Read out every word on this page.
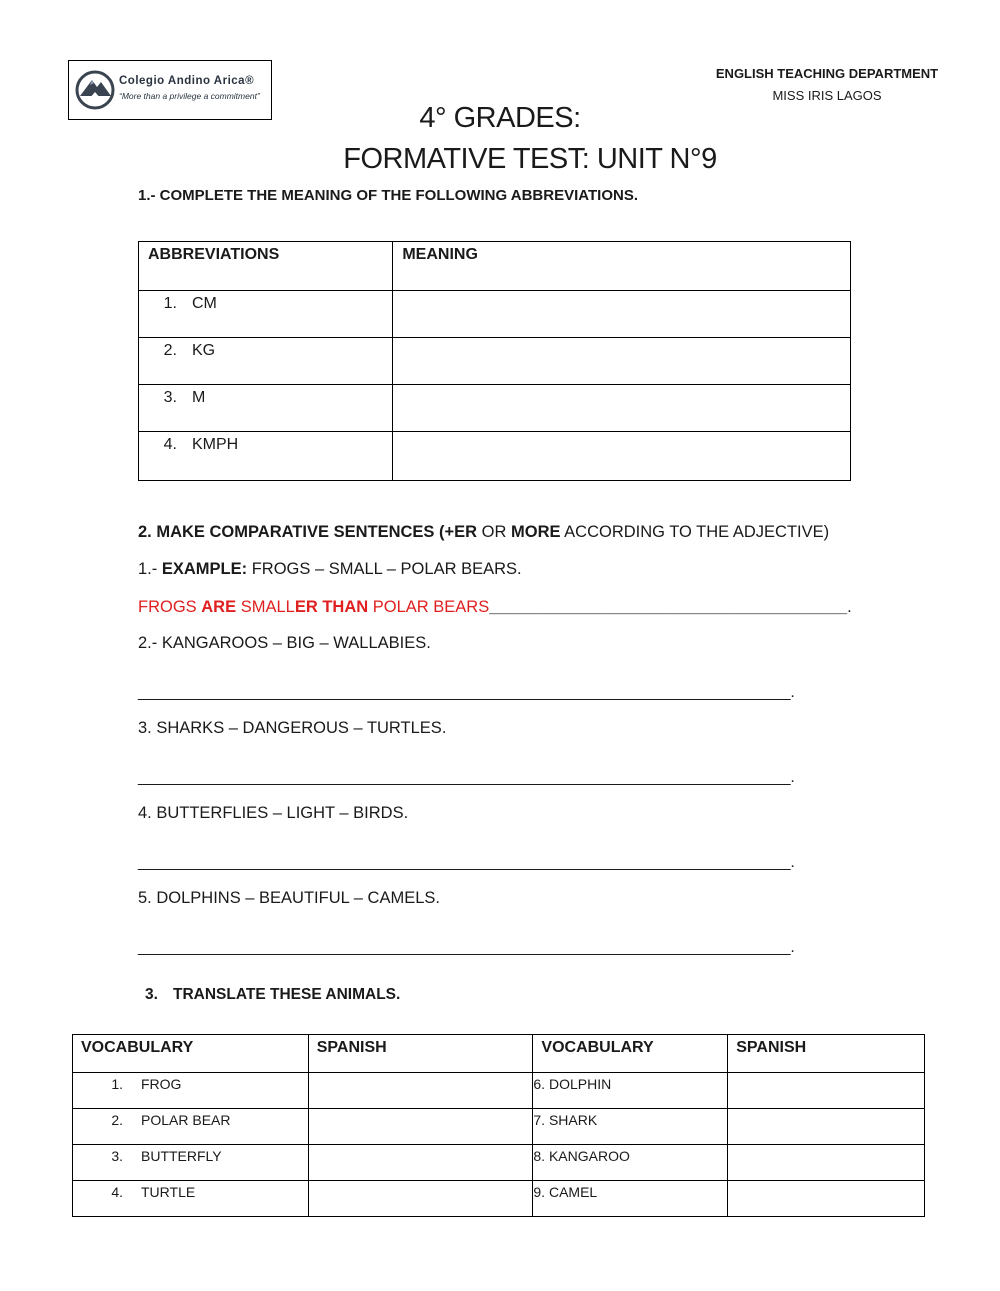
Colegio Andino Arica®
“More than a privilege a commitment”
ENGLISH TEACHING DEPARTMENT
MISS IRIS LAGOS
4° GRADES:
FORMATIVE TEST: UNIT N°9
1.- COMPLETE THE MEANING OF THE FOLLOWING ABBREVIATIONS.
ABBREVIATIONS	MEANING
1. CM	
2. KG	
3. M	
4. KMPH	
2. MAKE COMPARATIVE SENTENCES (+ER OR MORE ACCORDING TO THE ADJECTIVE)
1.- EXAMPLE: FROGS – SMALL – POLAR BEARS.
FROGS ARE SMALLER THAN POLAR BEARS_______________________________________.
2.- KANGAROOS – BIG – WALLABIES.
___________________________________________________________________________.
3. SHARKS – DANGEROUS – TURTLES.
___________________________________________________________________________.
4. BUTTERFLIES – LIGHT – BIRDS.
___________________________________________________________________________.
5. DOLPHINS – BEAUTIFUL – CAMELS.
___________________________________________________________________________.
3. TRANSLATE THESE ANIMALS.
VOCABULARY	SPANISH	VOCABULARY	SPANISH
1. FROG		6. DOLPHIN	
2. POLAR BEAR		7. SHARK	
3. BUTTERFLY		8. KANGAROO	
4. TURTLE		9. CAMEL	
